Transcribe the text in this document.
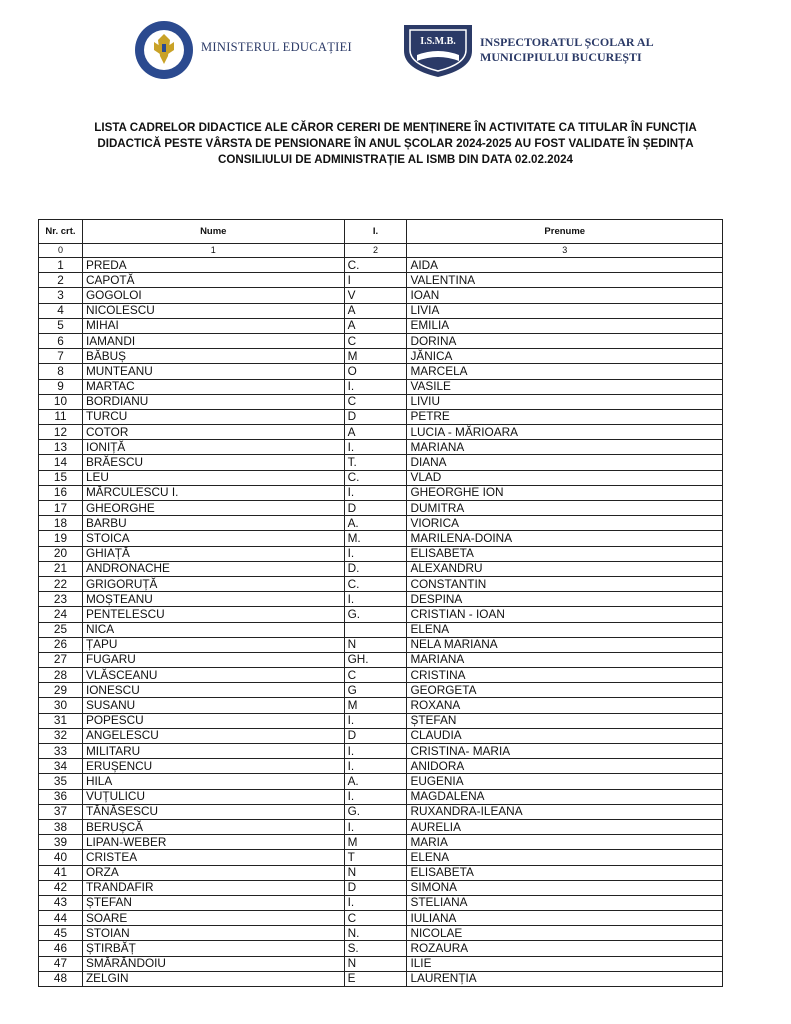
MINISTERUL EDUCAȚIEI	I.S.M.B. INSPECTORATUL ȘCOLAR AL
MUNICIPIULUI BUCUREȘTI
LISTA CADRELOR DIDACTICE ALE CĂROR CERERI DE MENȚINERE ÎN ACTIVITATE CA TITULAR ÎN FUNCȚIA
DIDACTICĂ PESTE VÂRSTA DE PENSIONARE ÎN ANUL ȘCOLAR 2024-2025 AU FOST VALIDATE ÎN ȘEDINȚA
CONSILIULUI DE ADMINISTRAȚIE AL ISMB DIN DATA 02.02.2024
Nr. crt.	Nume	I.	Prenume
0	1	2	3
1	PREDA	C.	AIDA
2	CAPOTĂ	I	VALENTINA
3	GOGOLOI	V	IOAN
4	NICOLESCU	A	LIVIA
5	MIHAI	A	EMILIA
6	IAMANDI	C	DORINA
7	BĂBUȘ	M	JĂNICA
8	MUNTEANU	O	MARCELA
9	MARTAC	I.	VASILE
10	BORDIANU	C	LIVIU
11	TURCU	D	PETRE
12	COTOR	A	LUCIA - MĂRIOARA
13	IONIȚĂ	I.	MARIANA
14	BRĂESCU	T.	DIANA
15	LEU	C.	VLAD
16	MĂRCULESCU I.	I.	GHEORGHE ION
17	GHEORGHE	D	DUMITRA
18	BARBU	A.	VIORICA
19	STOICA	M.	MARILENA-DOINA
20	GHIAȚĂ	I.	ELISABETA
21	ANDRONACHE	D.	ALEXANDRU
22	GRIGORUȚĂ	C.	CONSTANTIN
23	MOȘTEANU	I.	DESPINA
24	PENTELESCU	G.	CRISTIAN - IOAN
25	NICA		ELENA
26	ȚAPU	N	NELA MARIANA
27	FUGARU	GH.	MARIANA
28	VLĂSCEANU	C	CRISTINA
29	IONESCU	G	GEORGETA
30	SUSANU	M	ROXANA
31	POPESCU	I.	ȘTEFAN
32	ANGELESCU	D	CLAUDIA
33	MILITARU	I.	CRISTINA- MARIA
34	ERUȘENCU	I.	ANIDORA
35	HILA	A.	EUGENIA
36	VUȚULICU	I.	MAGDALENA
37	TĂNĂSESCU	G.	RUXANDRA-ILEANA
38	BERUȘCĂ	I.	AURELIA
39	LIPAN-WEBER	M	MARIA
40	CRISTEA	T	ELENA
41	ORZA	N	ELISABETA
42	TRANDAFIR	D	SIMONA
43	ȘTEFAN	I.	STELIANA
44	SOARE	C	IULIANA
45	STOIAN	N.	NICOLAE
46	ȘTIRBĂȚ	S.	ROZAURA
47	SMĂRĂNDOIU	N	ILIE
48	ZELGIN	E	LAURENȚIA
